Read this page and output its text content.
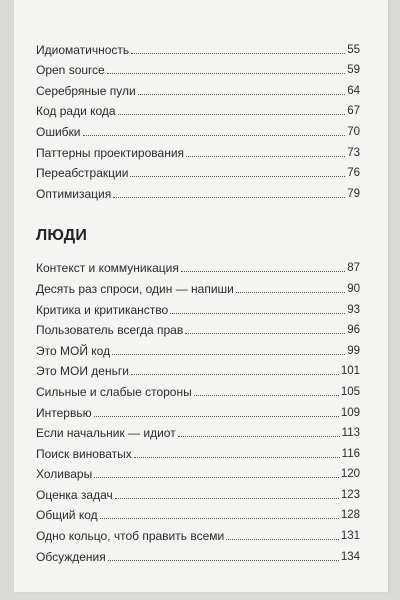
Идиоматичность	55
Open source	59
Серебряные пули	64
Код ради кода	67
Ошибки	70
Паттерны проектирования	73
Переабстракции	76
Оптимизация	79
ЛЮДИ
Контекст и коммуникация	87
Десять раз спроси, один — напиши	90
Критика и критиканство	93
Пользователь всегда прав	96
Это МОЙ код	99
Это МОИ деньги	101
Сильные и слабые стороны	105
Интервью	109
Если начальник — идиот	113
Поиск виноватых	116
Холивары	120
Оценка задач	123
Общий код	128
Одно кольцо, чтоб править всеми	131
Обсуждения	134
